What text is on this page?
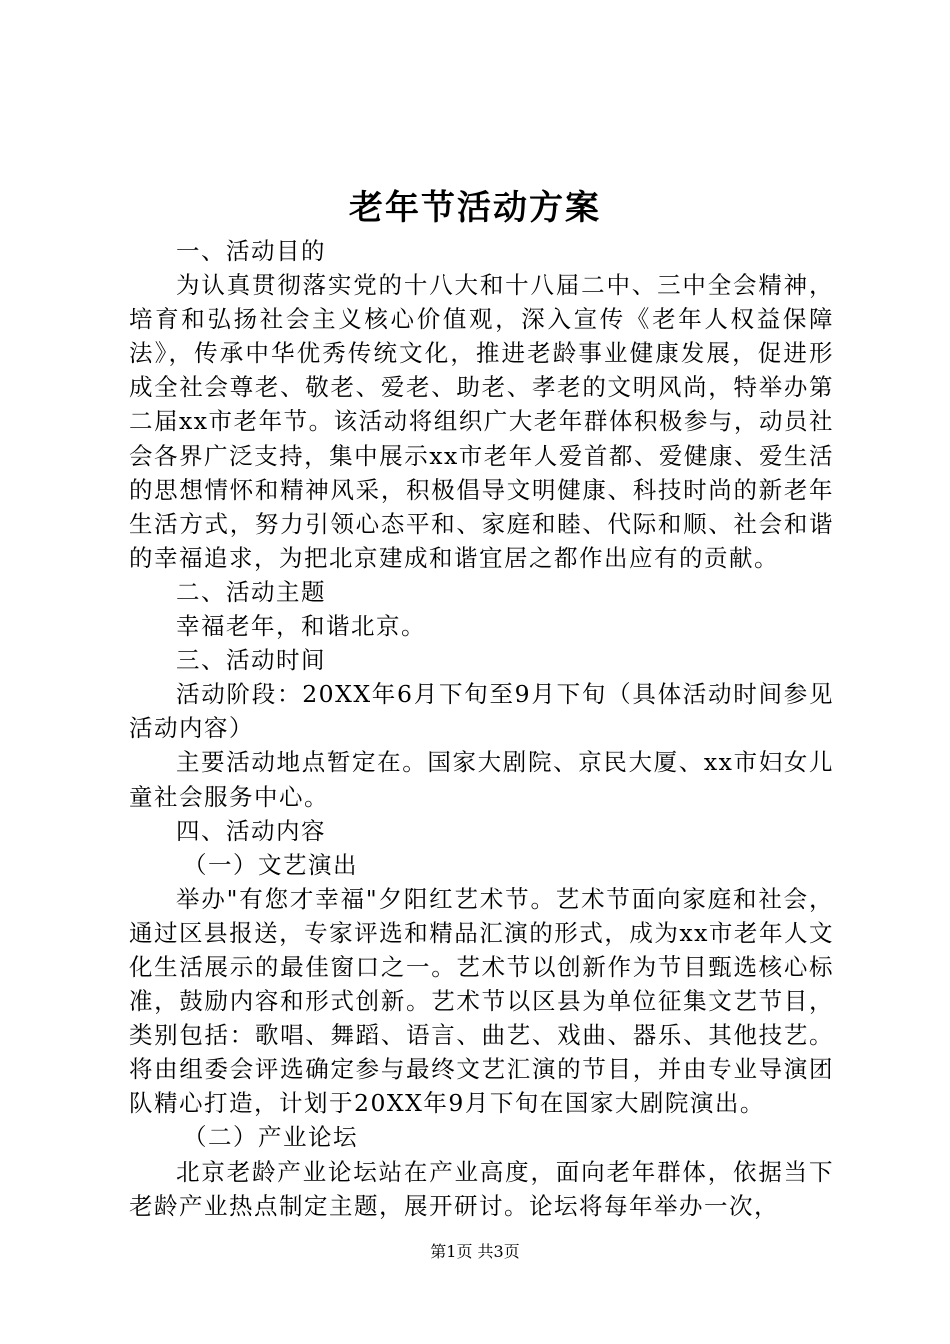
老年节活动方案

一、活动目的

为认真贯彻落实党的十八大和十八届二中、三中全会精神，培育和弘扬社会主义核心价值观，深入宣传《老年人权益保障法》，传承中华优秀传统文化，推进老龄事业健康发展，促进形成全社会尊老、敬老、爱老、助老、孝老的文明风尚，特举办第二届xx市老年节。该活动将组织广大老年群体积极参与，动员社会各界广泛支持，集中展示xx市老年人爱首都、爱健康、爱生活的思想情怀和精神风采，积极倡导文明健康、科技时尚的新老年生活方式，努力引领心态平和、家庭和睦、代际和顺、社会和谐的幸福追求，为把北京建成和谐宜居之都作出应有的贡献。

二、活动主题

幸福老年，和谐北京。

三、活动时间

活动阶段：20XX年6月下旬至9月下旬（具体活动时间参见活动内容）

主要活动地点暂定在。国家大剧院、京民大厦、xx市妇女儿童社会服务中心。

四、活动内容

（一）文艺演出

举办"有您才幸福"夕阳红艺术节。艺术节面向家庭和社会，通过区县报送，专家评选和精品汇演的形式，成为xx市老年人文化生活展示的最佳窗口之一。艺术节以创新作为节目甄选核心标准，鼓励内容和形式创新。艺术节以区县为单位征集文艺节目，类别包括：歌唱、舞蹈、语言、曲艺、戏曲、器乐、其他技艺。将由组委会评选确定参与最终文艺汇演的节目，并由专业导演团队精心打造，计划于20XX年9月下旬在国家大剧院演出。

（二）产业论坛

北京老龄产业论坛站在产业高度，面向老年群体，依据当下老龄产业热点制定主题，展开研讨。论坛将每年举办一次，

第1页 共3页
